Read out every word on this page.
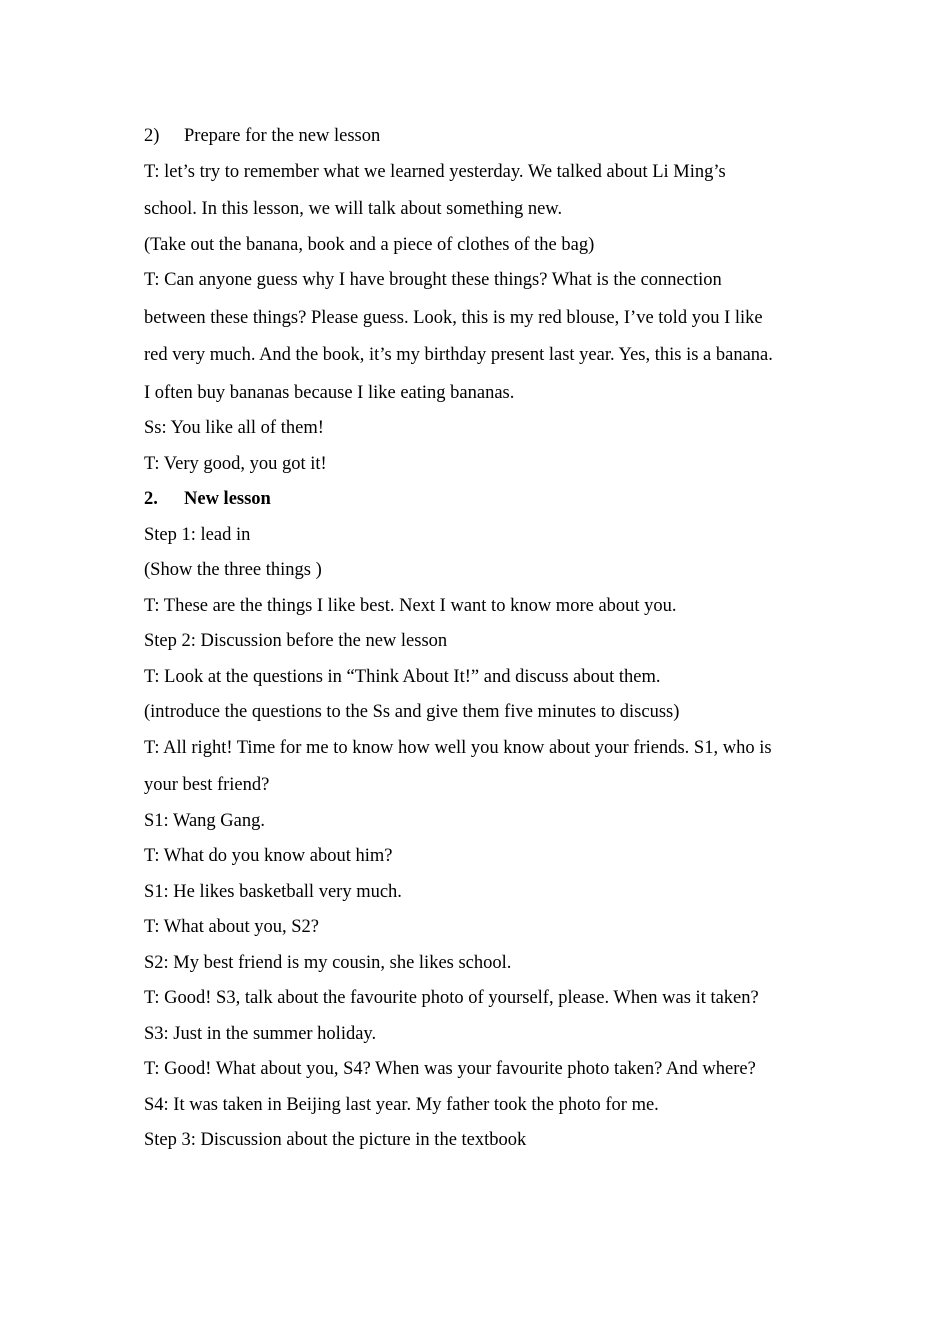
2) Prepare for the new lesson
T: let’s try to remember what we learned yesterday. We talked about Li Ming’s
school. In this lesson, we will talk about something new.
(Take out the banana, book and a piece of clothes of the bag)
T: Can anyone guess why I have brought these things? What is the connection
between these things? Please guess. Look, this is my red blouse, I’ve told you I like
red very much. And the book, it’s my birthday present last year. Yes, this is a banana.
I often buy bananas because I like eating bananas.
Ss: You like all of them!
T: Very good, you got it!
2. New lesson
Step 1: lead in
(Show the three things )
T: These are the things I like best. Next I want to know more about you.
Step 2: Discussion before the new lesson
T: Look at the questions in “Think About It!” and discuss about them.
(introduce the questions to the Ss and give them five minutes to discuss)
T: All right! Time for me to know how well you know about your friends. S1, who is
your best friend?
S1: Wang Gang.
T: What do you know about him?
S1: He likes basketball very much.
T: What about you, S2?
S2: My best friend is my cousin, she likes school.
T: Good! S3, talk about the favourite photo of yourself, please. When was it taken?
S3: Just in the summer holiday.
T: Good! What about you, S4? When was your favourite photo taken? And where?
S4: It was taken in Beijing last year. My father took the photo for me.
Step 3: Discussion about the picture in the textbook
